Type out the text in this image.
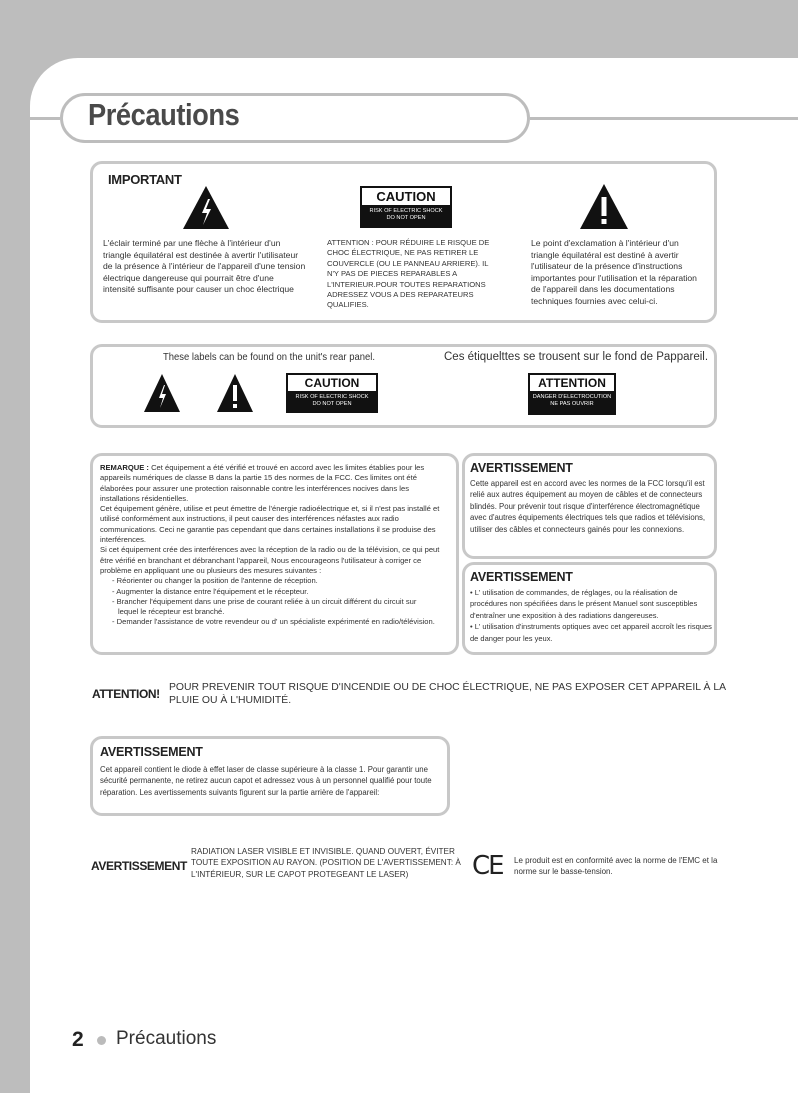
Précautions
IMPORTANT
L'éclair terminé par une flèche à l'intérieur d'un triangle équilatéral est destinée à avertir l'utilisateur de la présence à l'intérieur de l'appareil d'une tension électrique dangereuse qui pourrait être d'une intensité suffisante pour causer un choc électrique
CAUTION
RISK OF ELECTRIC SHOCK
DO NOT OPEN
ATTENTION : POUR RÉDUIRE LE RISQUE DE CHOC ÉLECTRIQUE, NE PAS RETIRER LE COUVERCLE (OU LE PANNEAU ARRIERE). IL N'Y PAS DE PIECES REPARABLES A L'INTERIEUR.POUR TOUTES REPARATIONS ADRESSEZ VOUS A DES REPARATEURS QUALIFIES.
Le point d'exclamation à l'intérieur d'un triangle équilatéral est destiné à avertir l'utilisateur de la présence d'instructions importantes pour l'utilisation et la réparation de l'appareil dans les documentations techniques fournies avec celui-ci.
These labels can be found on the unit's rear panel.	Ces étiquelttes se trousent sur le fond de Pappareil.
CAUTION
RISK OF ELECTRIC SHOCK
DO NOT OPEN
ATTENTION
DANGER D'ELECTROCUTION
NE PAS OUVRIR
REMARQUE : Cet équipement a été vérifié et trouvé en accord avec les limites établies pour les appareils numériques de classe B dans la partie 15 des normes de la FCC. Ces limites ont été élaborées pour assurer une protection raisonnable contre les interférences nocives dans les installations résidentielles.
Cet équipement génère, utilise et peut émettre de l'énergie radioélectrique et, si il n'est pas installé et utilisé conformément aux instructions, il peut causer des interférences néfastes aux radio communications. Ceci ne garantie pas cependant que dans certaines installations il se produise des interférences.
Si cet équipement crée des interférences avec la réception de la radio ou de la télévision, ce qui peut être vérifié en branchant et débranchant l'appareil, Nous encourageons l'utilisateur à corriger ce problème en appliquant une ou plusieurs des mesures suivantes :
- Réorienter ou changer la position de l'antenne de réception.
- Augmenter la distance entre l'équipement et le récepteur.
- Brancher l'équipement dans une prise de courant reliée à un circuit différent du circuit sur
lequel le récepteur est branché.
- Demander l'assistance de votre revendeur ou d' un spécialiste expérimenté en radio/télévision.
AVERTISSEMENT
Cette appareil est en accord avec les normes de la FCC lorsqu'il est relié aux autres équipement au moyen de câbles et de connecteurs blindés. Pour prévenir tout risque d'interférence électromagnétique avec d'autres équipements électriques tels que radios et télévisions, utiliser des câbles et connecteurs gainés pour les connexions.
AVERTISSEMENT
• L' utilisation de commandes, de réglages, ou la réalisation de procédures non spécifiées dans le présent Manuel sont susceptibles d'entraîner une exposition à des radiations dangereuses.
• L' utilisation d'instruments optiques avec cet appareil accroît les risques de danger pour les yeux.
ATTENTION! POUR PREVENIR TOUT RISQUE D'INCENDIE OU DE CHOC ÉLECTRIQUE, NE PAS EXPOSER CET APPAREIL À LA PLUIE OU À L'HUMIDITÉ.
AVERTISSEMENT
Cet appareil contient le diode à effet laser de classe supérieure à la classe 1. Pour garantir une sécurité permanente, ne retirez aucun capot et adressez vous à un personnel qualifié pour toute réparation. Les avertissements suivants figurent sur la partie arrière de l'appareil:
AVERTISSEMENT
RADIATION LASER VISIBLE ET INVISIBLE. QUAND OUVERT, ÉVITER TOUTE EXPOSITION AU RAYON. (POSITION DE L'AVERTISSEMENT: À L'INTÉRIEUR, SUR LE CAPOT PROTEGEANT LE LASER)	CE Le produit est en conformité avec la norme de l'EMC et la norme sur le basse-tension.
2 Précautions
